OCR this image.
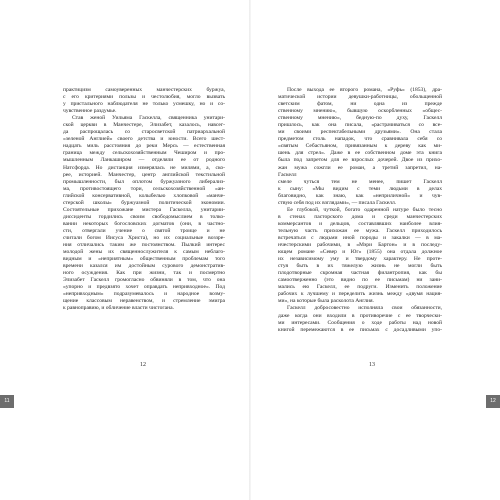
практицизм самоуверенных манчестерских буржуа,
с его критериями пользы и честолюбия, могло вызвать
у пристального наблюдателя не только усмешку, но и со-
чувственное раздумье.
Став женой Уильяма Гаскелла, священника унитари-
ской церкви в Манчестере, Элизабет, казалось, навсег-
да распрощалась со старосветской патриархальной
«зеленой Англией» своего детства и юности. Всего шест-
надцать миль расстояния до реки Мерсь — естественная
граница между сельскохозяйственным Чеширом и про-
мышленным Ланкаширом — отделяли ее от родного
Натсфорда. Но дистанция измерялась не милями, а, ско-
рее, историей. Манчестер, центр английской текстильной
промышленности, был оплотом буржуазного либерализ-
ма, противостоящего тори, сельскохозяйственной «ан-
глийской консервативной, колыбелью хлопковой «манче-
стерской школы» буржуазной политической экономии.
Состоятельные прихожане мистера Гаскелла, унитарии-
диссиденты гордились своим свободомыслием в толко-
вании некоторых богословских догматов (они, в частно-
сти, отвергали учение о святой троице и не
считали богом Иисуса Христа), но их социальные воззре-
ния отличались таким же постоянством. Пылкий интерес
молодой жены их священнослужителя к самым неблаго-
видным и «неприятным» общественным проблемам того
времени казался им достойным сурового демонстратив-
ного осуждения. Как при жизни, так и посмертно
Элизабет Гаскелл громогласно обвиняли в том, что она
«упорно и предвзято хочет оправдать непривходное». Под
«непривходным» подразумевалось и народное возму-
щение классовым неравенством, и стремление эмигра
к равноправию, и обличение власти чистогана.
12
11
После выхода ее второго романа, «Руфь» (1853), дра-
матической истории девушки-работницы, обольщенной
светским фатом, ни одна из прежде
ственному мнению», бывшую оскорбленных «общес-
ственному мнению», бедную-по духу, Гаскелл
пришлось, как она писала, «растрачиваться со все-
ми своими респектабельными друзьями». Она стала
предметом столь нападок, что сравнивала себя со
«святым Себастьяном, привязанным к дереву как ми-
шень для стрел». Даже в ее собственном доме эта книга
была под запретом для ее взрослых дочерей. Двое из прихо-
жан мужа сожгли ее роман, а третий запретил, на-
Гаскелл
смеле чуться тем не менее, пишет Гаскелл
к сыну: «Мы видим с теми людьми в делах
благовидно, как знаю, как «неприличной» и чув-
ствую себя под их взглядами», — писала Гаскелл.
Ее глубокой, чуткой, богато одаренной натуре было тесно
в стенах пасторского дома и среди манчестерских
коммерсантов и дельцов, составлявших наиболее влия-
тельную часть прихожан ее мужа. Гаскелл приходилось
встречаться с людьми иной породы и закалки — в ма-
нчестерскими рабочими, в «Мэри Бартон» и в последу-
ющем романе «Север и Юг» (1855) она отдала должное
их независимому уму и твердому характеру. Не проте-
стуя быть в их тяжелую жизнь не могли быть
плодотворные скромная частная филантропия, как бы
самоотверженно (это видно по ее письмам) ни зани-
мались ею Гаскелл, ее подруги. Изменить положение
рабочих к лучшему и переделить жизнь между «двумя нация-
ми», на которые была расколота Англия.
Гаскелл добросовестно исполняла свои обязанности,
даже когда они входили в противоречие с ее творчески-
ми интересами. Сообщения о ходе работы над новой
книгой перемежаются в ее письмах с досадливыми упо-
13
12
